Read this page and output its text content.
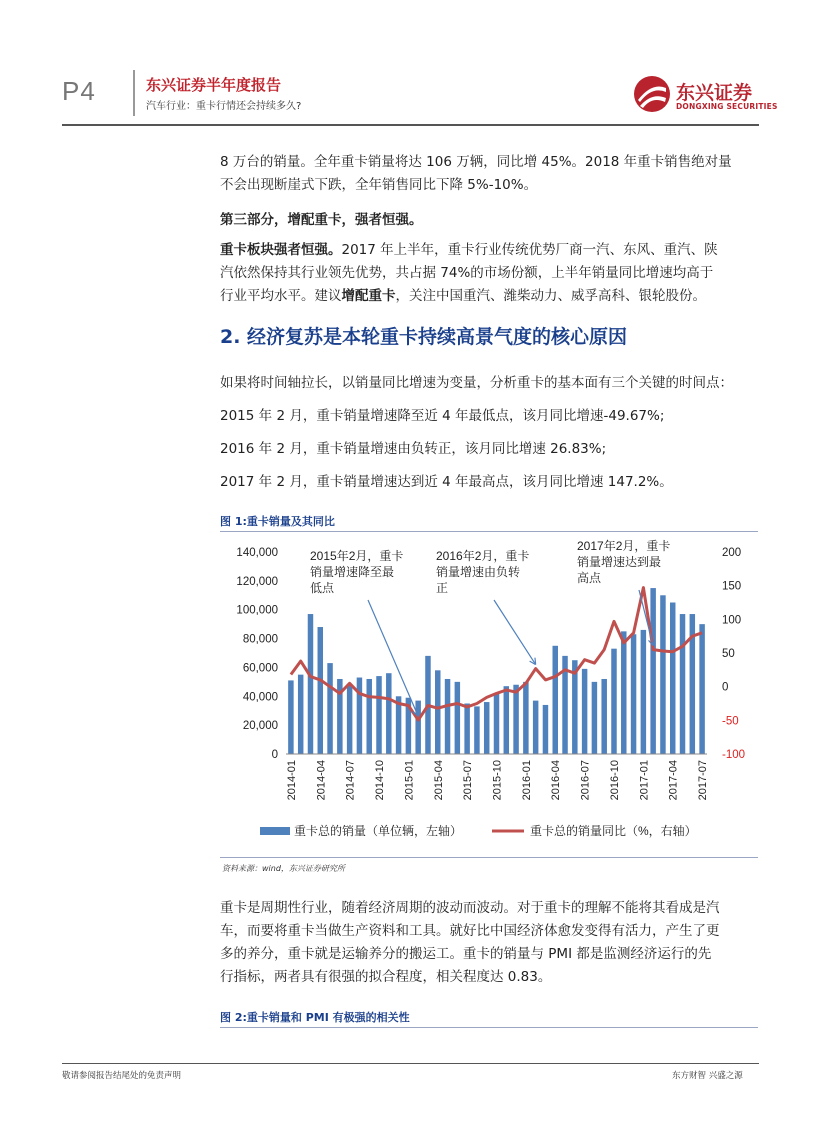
P4	东兴证券半年度报告
汽车行业：重卡行情还会持续多久?
东兴证券
DONGXING SECURITIES
8 万台的销量。全年重卡销量将达 106 万辆，同比增 45%。2018 年重卡销售绝对量
不会出现断崖式下跌，全年销售同比下降 5%-10%。
第三部分，增配重卡，强者恒强。
重卡板块强者恒强。2017 年上半年，重卡行业传统优势厂商一汽、东风、重汽、陕
汽依然保持其行业领先优势，共占据 74%的市场份额，上半年销量同比增速均高于
行业平均水平。建议增配重卡，关注中国重汽、潍柴动力、威孚高科、银轮股份。
2. 经济复苏是本轮重卡持续高景气度的核心原因
如果将时间轴拉长，以销量同比增速为变量，分析重卡的基本面有三个关键的时间点：
2015 年 2 月，重卡销量增速降至近 4 年最低点，该月同比增速-49.67%;
2016 年 2 月，重卡销量增速由负转正，该月同比增速 26.83%;
2017 年 2 月，重卡销量增速达到近 4 年最高点，该月同比增速 147.2%。
图 1:重卡销量及其同比
0
20,000
40,000
60,000
80,000
100,000
120,000
140,000
-100
-50
0
50
100
150
200
2014-01 2014-04 2014-07 2014-10 2015-01 2015-04 2015-07 2015-10 2016-01 2016-04 2016-07 2016-10 2017-01 2017-04 2017-07
2015年2月，重卡销量增速降至最低点
2016年2月，重卡销量增速由负转正
2017年2月，重卡销量增速达到最高点
重卡总的销量（单位辆，左轴）	重卡总的销量同比（%，右轴）
资料来源：wind，东兴证券研究所
重卡是周期性行业，随着经济周期的波动而波动。对于重卡的理解不能将其看成是汽
车，而要将重卡当做生产资料和工具。就好比中国经济体愈发变得有活力，产生了更
多的养分，重卡就是运输养分的搬运工。重卡的销量与 PMI 都是监测经济运行的先
行指标，两者具有很强的拟合程度，相关程度达 0.83。
图 2:重卡销量和 PMI 有极强的相关性
敬请参阅报告结尾处的免责声明	东方财智 兴盛之源
